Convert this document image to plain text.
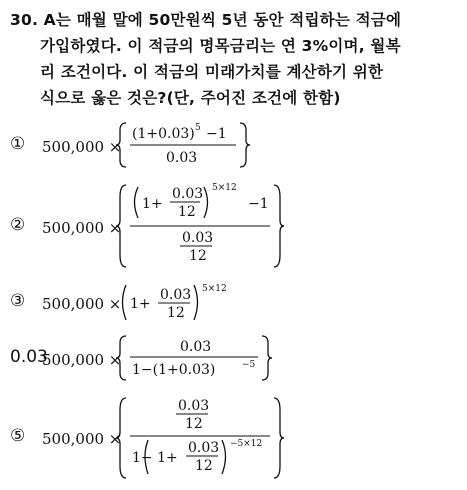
30. A는 매월 말에 50만원씩 5년 동안 적립하는 적금에
가입하였다. 이 적금의 명목금리는 연 3%이며, 월복
리 조건이다. 이 적금의 미래가치를 계산하기 위한
식으로 옳은 것은?(단, 주어진 조건에 한함)
① 500,000 ×
(1+0.03) 5 −1
0.03
② 500,000 ×
1+
0.03
12
5×12
−1
0.03
12
③ 500,000 × 1+
0.03
12
5×12
0.03
500,000 ×
0.03
1−(1+0.03)	−5
⑤ 500,000 ×
0.03
12
1− 1+
0.03
12
−5×12
